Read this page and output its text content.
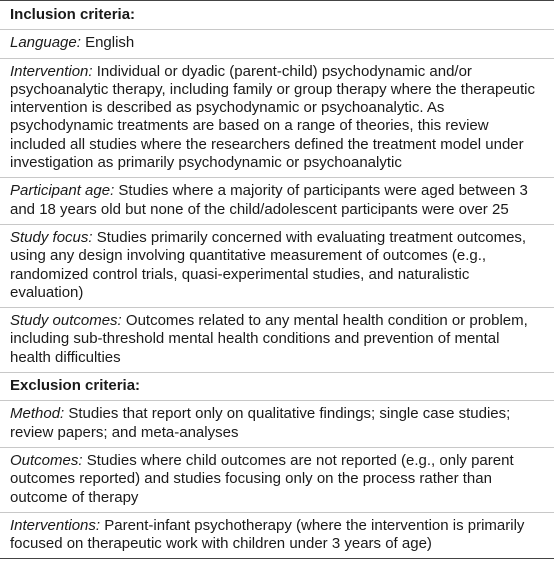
Inclusion criteria:
Language: English
Intervention: Individual or dyadic (parent-child) psychodynamic and/or psychoanalytic therapy, including family or group therapy where the therapeutic intervention is described as psychodynamic or psychoanalytic. As psychodynamic treatments are based on a range of theories, this review included all studies where the researchers defined the treatment model under investigation as primarily psychodynamic or psychoanalytic
Participant age: Studies where a majority of participants were aged between 3 and 18 years old but none of the child/adolescent participants were over 25
Study focus: Studies primarily concerned with evaluating treatment outcomes, using any design involving quantitative measurement of outcomes (e.g., randomized control trials, quasi-experimental studies, and naturalistic evaluation)
Study outcomes: Outcomes related to any mental health condition or problem, including sub-threshold mental health conditions and prevention of mental health difficulties
Exclusion criteria:
Method: Studies that report only on qualitative findings; single case studies; review papers; and meta-analyses
Outcomes: Studies where child outcomes are not reported (e.g., only parent outcomes reported) and studies focusing only on the process rather than outcome of therapy
Interventions: Parent-infant psychotherapy (where the intervention is primarily focused on therapeutic work with children under 3 years of age)
